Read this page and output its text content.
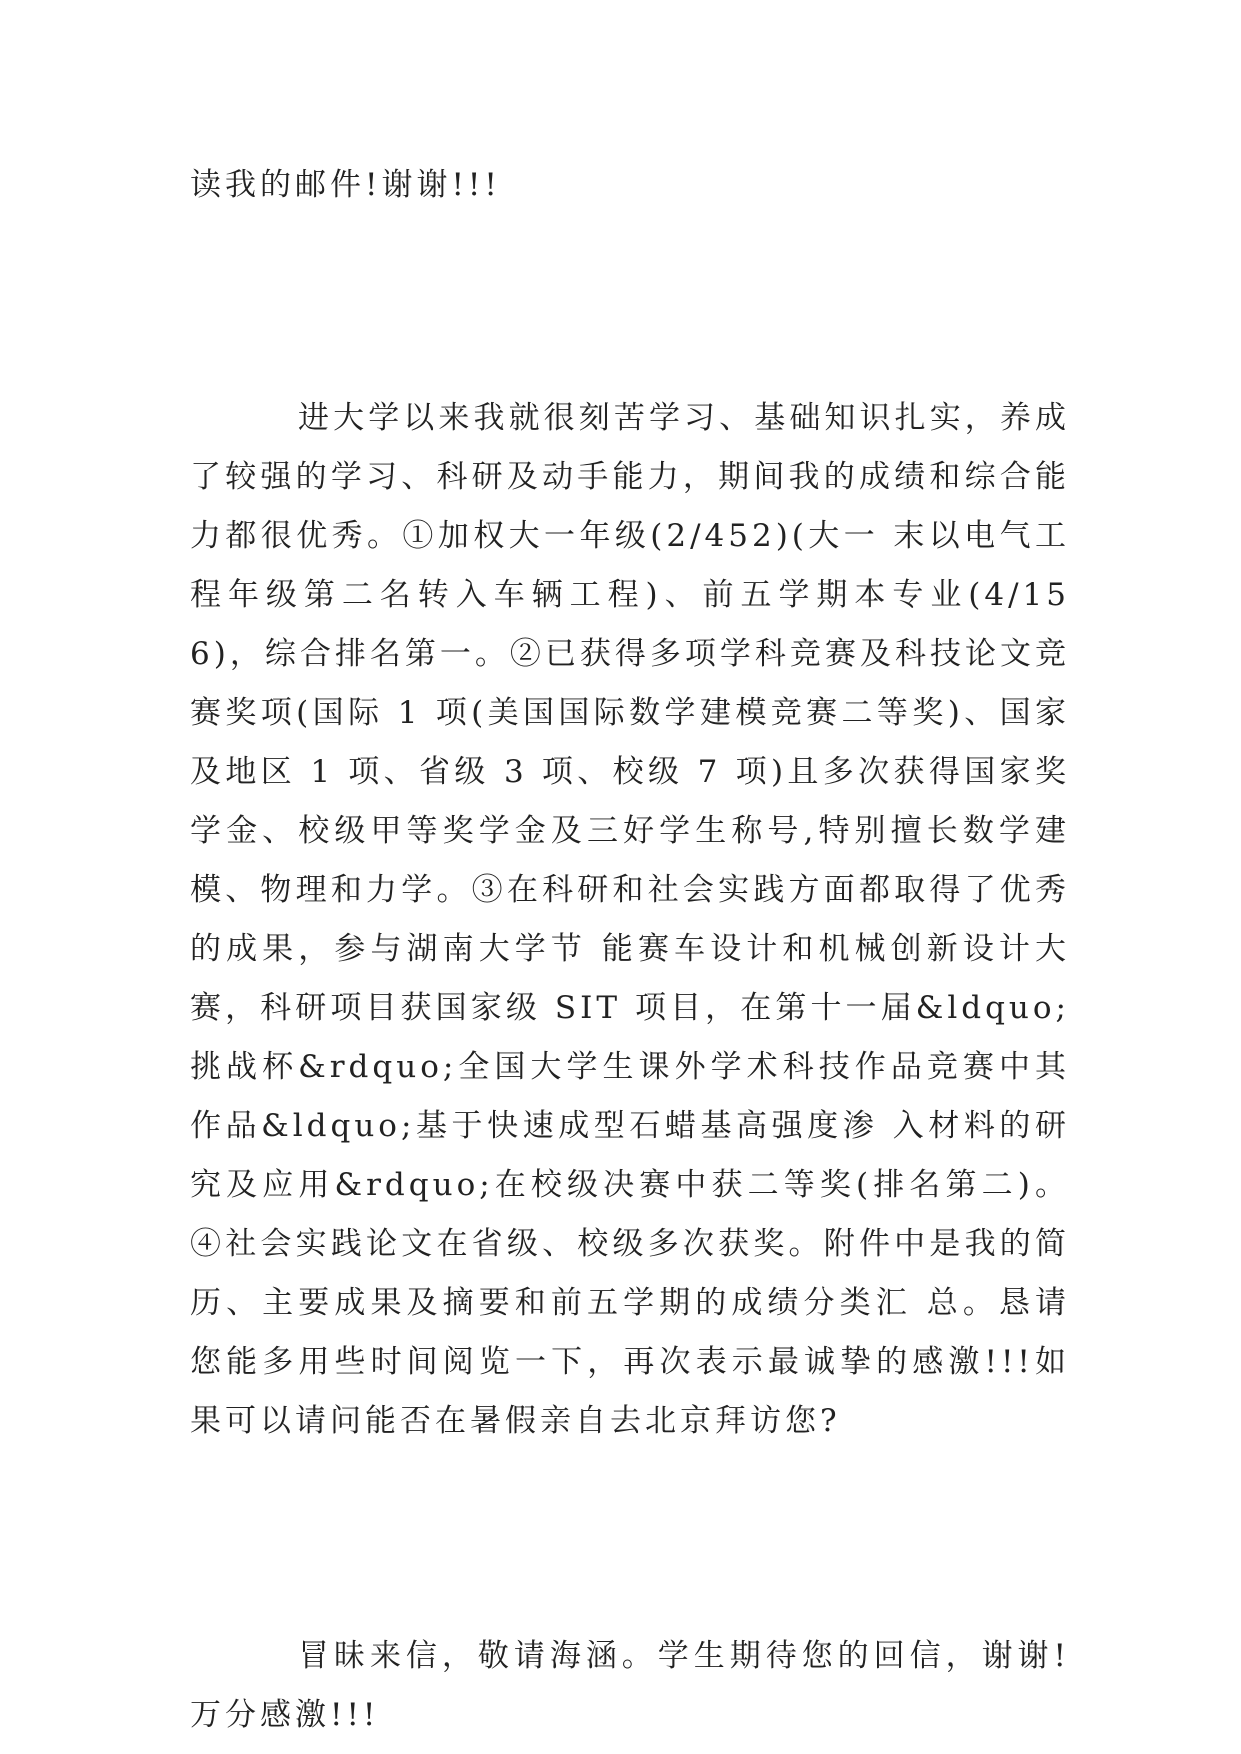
读我的邮件!谢谢!!!

进大学以来我就很刻苦学习、基础知识扎实，养成了较强的学习、科研及动手能力，期间我的成绩和综合能力都很优秀。①加权大一年级(2/452)(大一 末以电气工程年级第二名转入车辆工程)、前五学期本专业(4/156)，综合排名第一。②已获得多项学科竞赛及科技论文竞赛奖项(国际 1 项(美国国际数学建模竞赛二等奖)、国家及地区 1 项、省级 3 项、校级 7 项)且多次获得国家奖学金、校级甲等奖学金及三好学生称号,特别擅长数学建模、物理和力学。③在科研和社会实践方面都取得了优秀的成果，参与湖南大学节 能赛车设计和机械创新设计大赛，科研项目获国家级 SIT 项目，在第十一届&ldquo;挑战杯&rdquo;全国大学生课外学术科技作品竞赛中其作品&ldquo;基于快速成型石蜡基高强度渗 入材料的研究及应用&rdquo;在校级决赛中获二等奖(排名第二)。④社会实践论文在省级、校级多次获奖。附件中是我的简历、主要成果及摘要和前五学期的成绩分类汇 总。恳请您能多用些时间阅览一下，再次表示最诚挚的感激!!!如果可以请问能否在暑假亲自去北京拜访您?

冒昧来信，敬请海涵。学生期待您的回信，谢谢!万分感激!!!
